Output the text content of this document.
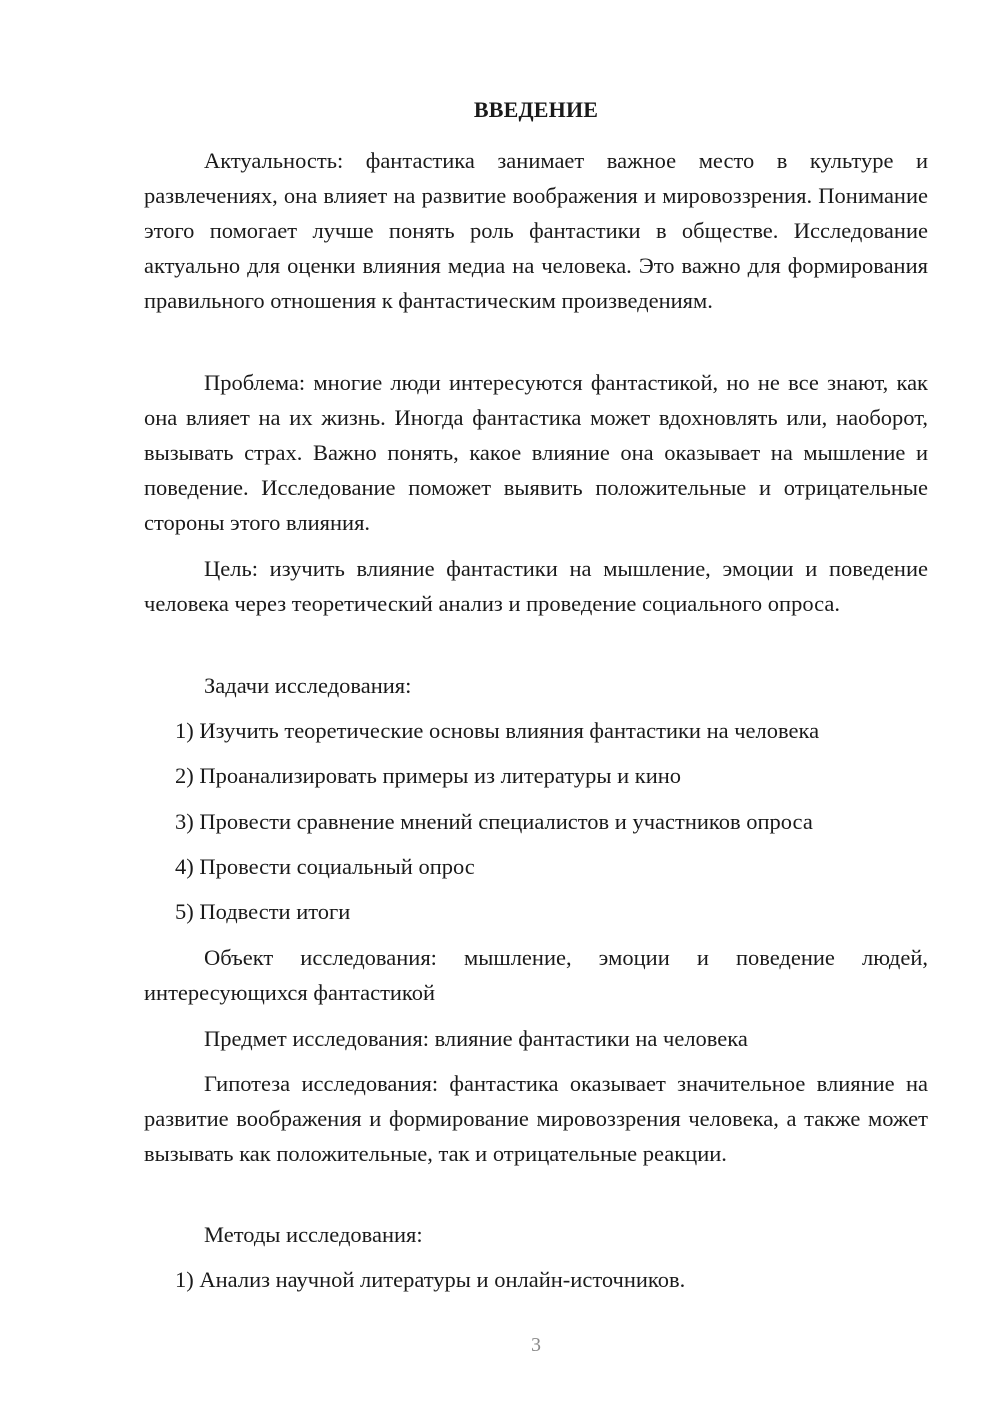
ВВЕДЕНИЕ

Актуальность: фантастика занимает важное место в культуре и развлечениях, она влияет на развитие воображения и мировоззрения. Понимание этого помогает лучше понять роль фантастики в обществе. Исследование актуально для оценки влияния медиа на человека. Это важно для формирования правильного отношения к фантастическим произведениям.

Проблема: многие люди интересуются фантастикой, но не все знают, как она влияет на их жизнь. Иногда фантастика может вдохновлять или, наоборот, вызывать страх. Важно понять, какое влияние она оказывает на мышление и поведение. Исследование поможет выявить положительные и отрицательные стороны этого влияния.

Цель: изучить влияние фантастики на мышление, эмоции и поведение человека через теоретический анализ и проведение социального опроса.

Задачи исследования:

1) Изучить теоретические основы влияния фантастики на человека
2) Проанализировать примеры из литературы и кино
3) Провести сравнение мнений специалистов и участников опроса
4) Провести социальный опрос
5) Подвести итоги

Объект исследования: мышление, эмоции и поведение людей, интересующихся фантастикой

Предмет исследования: влияние фантастики на человека

Гипотеза исследования: фантастика оказывает значительное влияние на развитие воображения и формирование мировоззрения человека, а также может вызывать как положительные, так и отрицательные реакции.

Методы исследования:

1) Анализ научной литературы и онлайн-источников.
3
